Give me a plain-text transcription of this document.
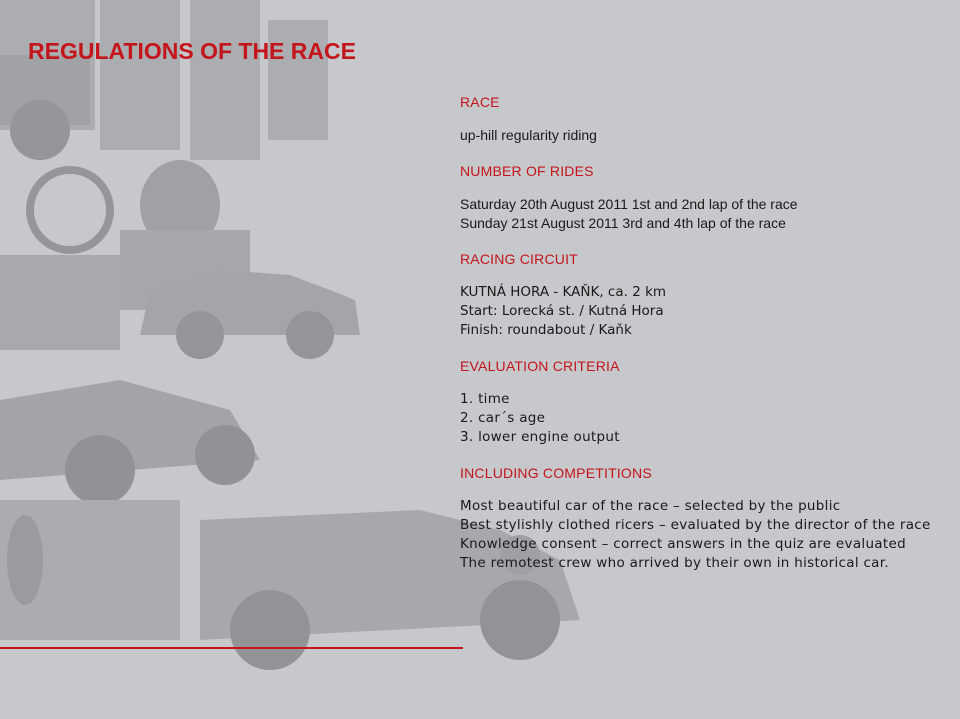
REGULATIONS OF THE RACE
RACE
up-hill regularity riding
NUMBER OF RIDES
Saturday 20th August 2011 1st and 2nd lap of the race
Sunday 21st August 2011 3rd and 4th lap of the race
RACING CIRCUIT
KUTNÁ HORA - KAŇK, ca. 2 km
Start: Lorecká st. / Kutná Hora
Finish: roundabout / Kaňk
EVALUATION CRITERIA
1. time
2. car´s age
3. lower engine output
INCLUDING COMPETITIONS
Most beautiful car of the race – selected by the public
Best stylishly clothed ricers – evaluated by the director of the race
Knowledge consent – correct answers in the quiz are evaluated
The remotest crew who arrived by their own in historical car.
